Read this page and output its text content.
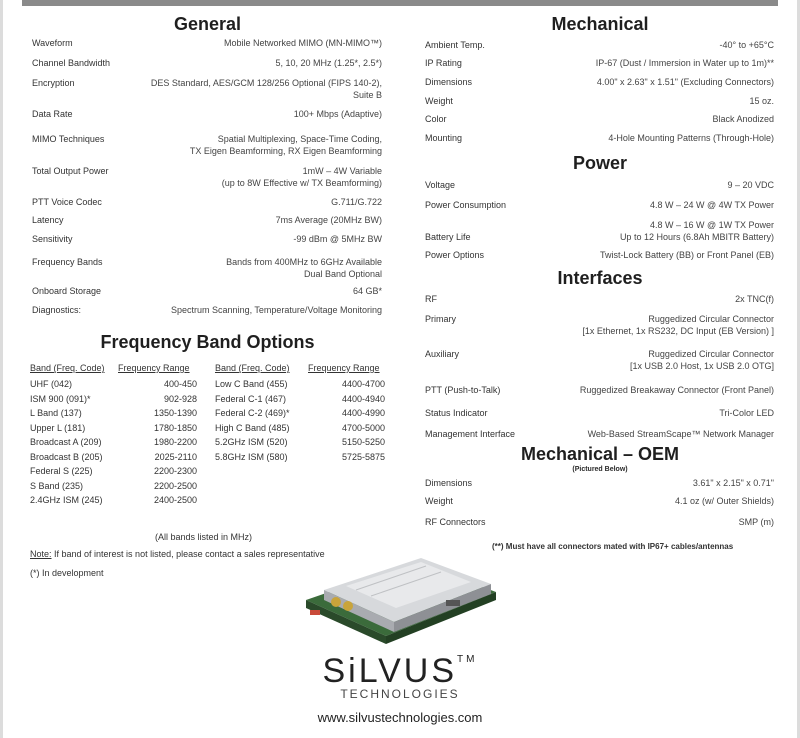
General
Waveform	Mobile Networked MIMO (MN-MIMO™)
Channel Bandwidth	5, 10, 20 MHz (1.25*, 2.5*)
Encryption	DES Standard, AES/GCM 128/256 Optional (FIPS 140-2),
Suite B
Data Rate	100+ Mbps (Adaptive)
MIMO Techniques	Spatial Multiplexing, Space-Time Coding,
TX Eigen Beamforming, RX Eigen Beamforming
Total Output Power	1mW – 4W Variable
(up to 8W Effective w/ TX Beamforming)
PTT Voice Codec	G.711/G.722
Latency	7ms Average (20MHz BW)
Sensitivity	-99 dBm @ 5MHz BW
Frequency Bands	Bands from 400MHz to 6GHz Available
Dual Band Optional
Onboard Storage	64 GB*
Diagnostics:	Spectrum Scanning, Temperature/Voltage Monitoring
Frequency Band Options
Band (Freq. Code) Frequency Range	Band (Freq. Code) Frequency Range
UHF (042)	400-450
ISM 900 (091)*	902-928
L Band (137)	1350-1390
Upper L (181)	1780-1850
Broadcast A (209)	1980-2200
Broadcast B (205)	2025-2110
Federal S (225)	2200-2300
S Band (235)	2200-2500
2.4GHz ISM (245)	2400-2500
Low C Band (455)	4400-4700
Federal C-1 (467)	4400-4940
Federal C-2 (469)*	4400-4990
High C Band (485)	4700-5000
5.2GHz ISM (520)	5150-5250
5.8GHz ISM (580)	5725-5875
(All bands listed in MHz)
Note: If band of interest is not listed, please contact a sales representative
(*) In development
Mechanical
Ambient Temp.	-40° to +65°C
IP Rating	IP-67 (Dust / Immersion in Water up to 1m)**
Dimensions	4.00" x 2.63" x 1.51" (Excluding Connectors)
Weight	15 oz.
Color	Black Anodized
Mounting	4-Hole Mounting Patterns (Through-Hole)
Power
Voltage	9 – 20 VDC
Power Consumption	4.8 W – 24 W @ 4W TX Power
4.8 W – 16 W @ 1W TX Power
Battery Life	Up to 12 Hours (6.8Ah MBITR Battery)
Power Options	Twist-Lock Battery (BB) or Front Panel (EB)
Interfaces
RF	2x TNC(f)
Primary	Ruggedized Circular Connector
[1x Ethernet, 1x RS232, DC Input (EB Version) ]
Auxiliary	Ruggedized Circular Connector
[1x USB 2.0 Host, 1x USB 2.0 OTG]
PTT (Push-to-Talk)	Ruggedized Breakaway Connector (Front Panel)
Status Indicator	Tri-Color LED
Management Interface	Web-Based StreamScape™ Network Manager
Mechanical – OEM
(Pictured Below)
Dimensions	3.61" x 2.15" x 0.71"
Weight	4.1 oz (w/ Outer Shields)
RF Connectors	SMP (m)
(**) Must have all connectors mated with IP67+ cables/antennas
SiLVUS™
TECHNOLOGIES
www.silvustechnologies.com
